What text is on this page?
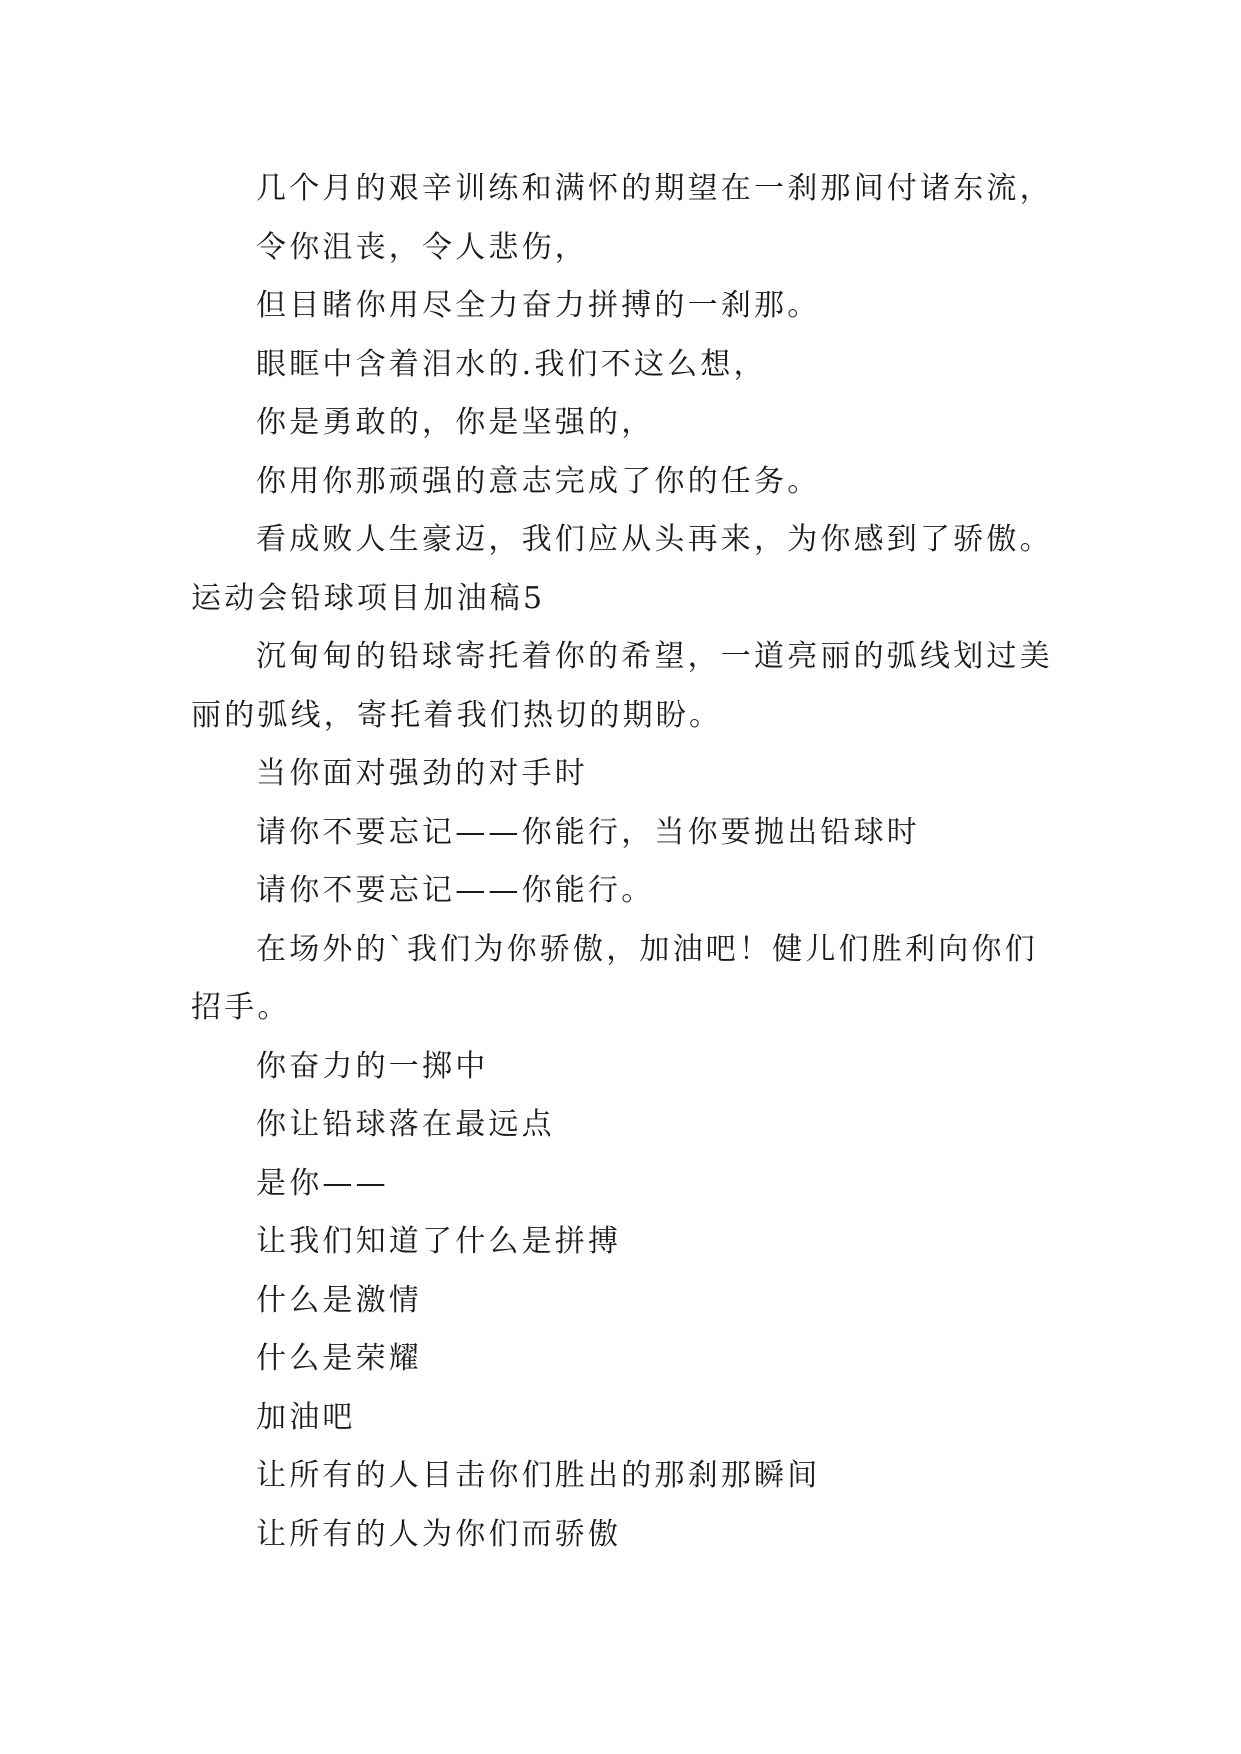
几个月的艰辛训练和满怀的期望在一刹那间付诸东流，
令你沮丧，令人悲伤，
但目睹你用尽全力奋力拼搏的一刹那。
眼眶中含着泪水的.我们不这么想，
你是勇敢的，你是坚强的，
你用你那顽强的意志完成了你的任务。
看成败人生豪迈，我们应从头再来，为你感到了骄傲。
运动会铅球项目加油稿5
沉甸甸的铅球寄托着你的希望，一道亮丽的弧线划过美
丽的弧线，寄托着我们热切的期盼。
当你面对强劲的对手时
请你不要忘记——你能行，当你要抛出铅球时
请你不要忘记——你能行。
在场外的`我们为你骄傲，加油吧！健儿们胜利向你们
招手。
你奋力的一掷中
你让铅球落在最远点
是你——
让我们知道了什么是拼搏
什么是激情
什么是荣耀
加油吧
让所有的人目击你们胜出的那刹那瞬间
让所有的人为你们而骄傲
